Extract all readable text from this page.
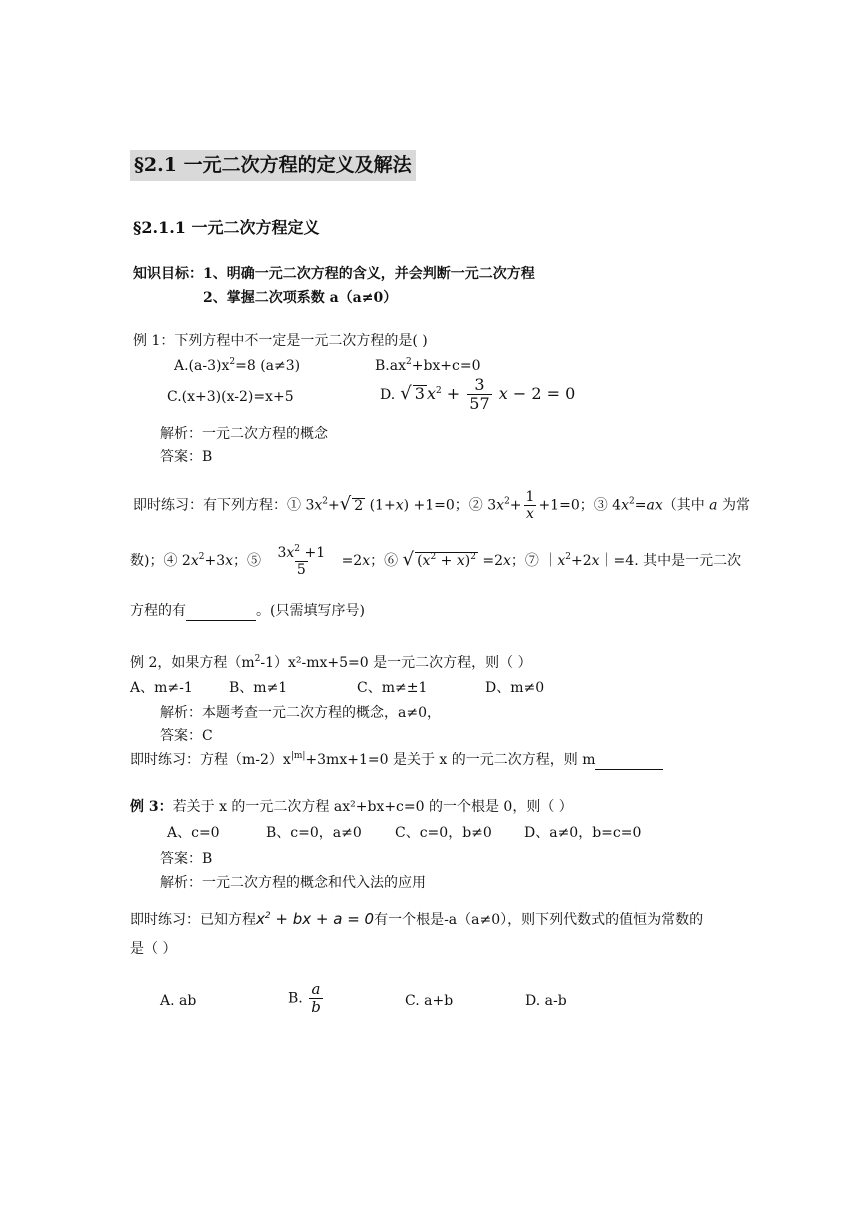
§2.1 一元二次方程的定义及解法
§2.1.1 一元二次方程定义
知识目标：1、明确一元二次方程的含义，并会判断一元二次方程
2、掌握二次项系数 a（a≠0）
例 1：下列方程中不一定是一元二次方程的是( )
$A.(a-3)x^2=8$ (a≠3)	$B.ax^2+bx+c=0$
C.(x+3)(x-2)=x+5	D. √ 3 $x^2 + \frac{3}{57}$ x − 2 = 0
解析：一元二次方程的概念
答案：B
即时练习：有下列方程：① $3x^2+√$ 2 (1+x) +1=0；② $3x^2+ \frac{1}{x} +1=0$；③ $4x^2=ax$（其中 a 为常
数)；④ $2x^2+3x$；⑤ $\frac{3x^2 +1}{5} =2x$；⑥ √ $(x^2 + x)^2 =2x$；⑦ $|x^2+2x|=4$. 其中是一元二次
方程的有	。(只需填写序号)
例 2，如果方程$(m^2-1)x^2-mx+5=0$ 是一元二次方程，则（ ）
A、m≠-1	B、m≠1	C、m≠±1	D、m≠0
解析：本题考查一元二次方程的概念，a≠0，
答案：C
即时练习：方程$(m-2)x^{|m|}+3mx+1=0$ 是关于 x 的一元二次方程，则 m
例 3：若关于 x 的一元二次方程 ax²+bx+c=0 的一个根是 0，则（ ）
A、c=0	B、c=0，a≠0 C、c=0，b≠0 D、a≠0，b=c=0
答案：B
解析：一元二次方程的概念和代入法的应用
即时练习：已知方程$x^2$ + bx + a = 0有一个根是-a（a≠0），则下列代数式的值恒为常数的
是（ ）
A. ab	B. $\frac{a}{b}$	C. a+b	D. a-b
